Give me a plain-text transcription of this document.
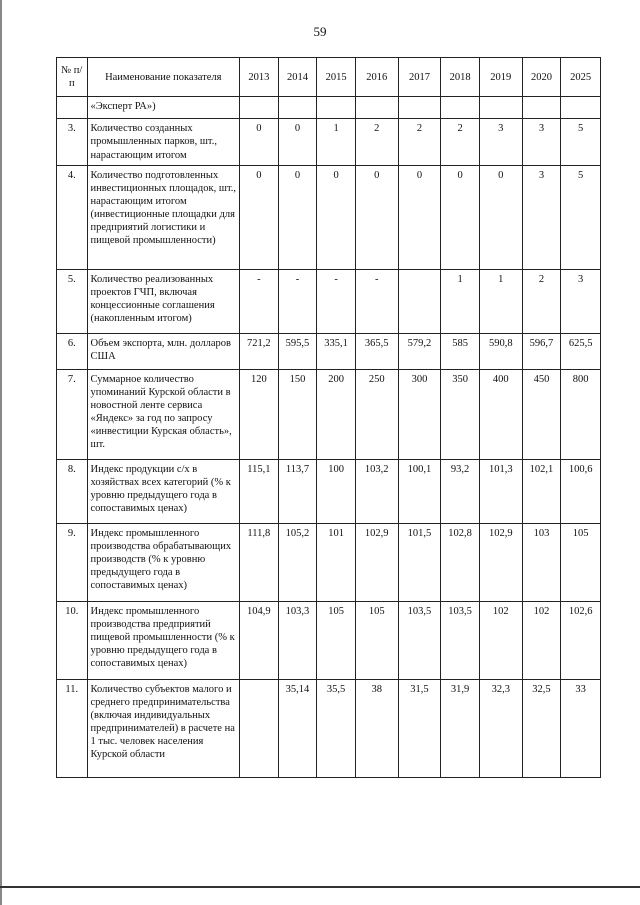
59
№ п/п	Наименование показателя	2013	2014	2015	2016	2017	2018	2019	2020	2025
	«Эксперт РА»)									
3.	Количество созданных промышленных парков, шт., нарастающим итогом	0	0	1	2	2	2	3	3	5
4.	Количество подготовленных инвестиционных площадок, шт., нарастающим итогом (инвестиционные площадки для предприятий логистики и пищевой промышленности)	0	0	0	0	0	0	0	3	5
5.	Количество реализованных проектов ГЧП, включая концессионные соглашения (накопленным итогом)	-	-	-	-		1	1	2	3
6.	Объем экспорта, млн. долларов США	721,2	595,5	335,1	365,5	579,2	585	590,8	596,7	625,5
7.	Суммарное количество упоминаний Курской области в новостной ленте сервиса «Яндекс» за год по запросу «инвестиции Курская область», шт.	120	150	200	250	300	350	400	450	800
8.	Индекс продукции с/х в хозяйствах всех категорий (% к уровню предыдущего года в сопоставимых ценах)	115,1	113,7	100	103,2	100,1	93,2	101,3	102,1	100,6
9.	Индекс промышленного производства обрабатывающих производств (% к уровню предыдущего года в сопоставимых ценах)	111,8	105,2	101	102,9	101,5	102,8	102,9	103	105
10.	Индекс промышленного производства предприятий пищевой промышленности (% к уровню предыдущего года в сопоставимых ценах)	104,9	103,3	105	105	103,5	103,5	102	102	102,6
11.	Количество субъектов малого и среднего предпринимательства (включая индивидуальных предпринимателей) в расчете на 1 тыс. человек населения Курской области		35,14	35,5	38	31,5	31,9	32,3	32,5	33
